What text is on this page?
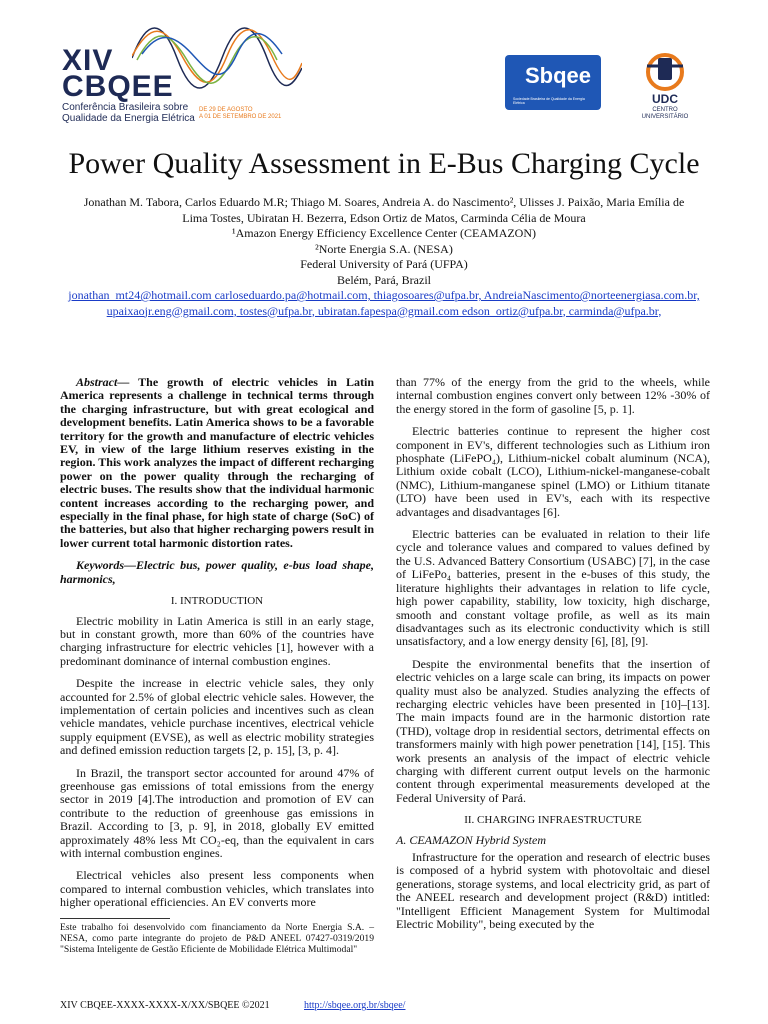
XIV
CBQEE
Conferência Brasileira sobre
Qualidade da Energia Elétrica
DE 29 DE AGOSTO
A 01 DE SETEMBRO DE 2021
Sbqee
Sociedade Brasileira de Qualidade da Energia Elétrica	UDC
CENTRO
UNIVERSITÁRIO
Power Quality Assessment in E-Bus Charging Cycle
Jonathan M. Tabora, Carlos Eduardo M.R; Thiago M. Soares, Andreia A. do Nascimento², Ulisses J. Paixão, Maria Emília de
Lima Tostes, Ubiratan H. Bezerra, Edson Ortiz de Matos, Carminda Célia de Moura
¹Amazon Energy Efficiency Excellence Center (CEAMAZON)
²Norte Energia S.A. (NESA)
Federal University of Pará (UFPA)
Belém, Pará, Brazil
jonathan_mt24@hotmail.com carloseduardo.pa@hotmail.com, thiagosoares@ufpa.br, AndreiaNascimento@norteenergiasa.com.br,
upaixaojr.eng@gmail.com, tostes@ufpa.br, ubiratan.fapespa@gmail.com edson_ortiz@ufpa.br, carminda@ufpa.br,

Abstract— The growth of electric vehicles in Latin America represents a challenge in technical terms through the charging infrastructure, but with great ecological and development benefits. Latin America shows to be a favorable territory for the growth and manufacture of electric vehicles EV, in view of the large lithium reserves existing in the region. This work analyzes the impact of different recharging power on the power quality through the recharging of electric buses. The results show that the individual harmonic content increases according to the recharging power, and especially in the final phase, for high state of charge (SoC) of the batteries, but also that higher recharging powers result in lower current total harmonic distortion rates.

Keywords—Electric bus, power quality, e-bus load shape, harmonics,

I. INTRODUCTION

Electric mobility in Latin America is still in an early stage, but in constant growth, more than 60% of the countries have charging infrastructure for electric vehicles [1], however with a predominant dominance of internal combustion engines.

Despite the increase in electric vehicle sales, they only accounted for 2.5% of global electric vehicle sales. However, the implementation of certain policies and incentives such as clean vehicle mandates, vehicle purchase incentives, electrical vehicle supply equipment (EVSE), as well as electric mobility strategies and defined emission reduction targets [2, p. 15], [3, p. 4].

In Brazil, the transport sector accounted for around 47% of greenhouse gas emissions of total emissions from the energy sector in 2019 [4].The introduction and promotion of EV can contribute to the reduction of greenhouse gas emissions in Brazil. According to [3, p. 9], in 2018, globally EV emitted approximately 48% less Mt CO₂-eq, than the equivalent in cars with internal combustion engines.

Electrical vehicles also present less components when compared to internal combustion vehicles, which translates into higher operational efficiencies. An EV converts more

than 77% of the energy from the grid to the wheels, while internal combustion engines convert only between 12% -30% of the energy stored in the form of gasoline [5, p. 1].

Electric batteries continue to represent the higher cost component in EV's, different technologies such as Lithium iron phosphate (LiFePO₄), Lithium-nickel cobalt aluminum (NCA), Lithium oxide cobalt (LCO), Lithium-nickel-manganese-cobalt (NMC), Lithium-manganese spinel (LMO) or Lithium titanate (LTO) have been used in EV's, each with its respective advantages and disadvantages [6].

Electric batteries can be evaluated in relation to their life cycle and tolerance values and compared to values defined by the U.S. Advanced Battery Consortium (USABC) [7], in the case of LiFePo₄ batteries, present in the e-buses of this study, the literature highlights their advantages in relation to life cycle, high power capability, stability, low toxicity, high discharge, smooth and constant voltage profile, as well as its main disadvantages such as its electronic conductivity which is still unsatisfactory, and a low energy density [6], [8], [9].

Despite the environmental benefits that the insertion of electric vehicles on a large scale can bring, its impacts on power quality must also be analyzed. Studies analyzing the effects of recharging electric vehicles have been presented in [10]–[13]. The main impacts found are in the harmonic distortion rate (THD), voltage drop in residential sectors, detrimental effects on transformers mainly with high power penetration [14], [15]. This work presents an analysis of the impact of electric vehicle charging with different current output levels on the harmonic content through experimental measurements developed at the Federal University of Pará.

II. CHARGING INFRAESTRUCTURE
A. CEAMAZON Hybrid System

Infrastructure for the operation and research of electric buses is composed of a hybrid system with photovoltaic and diesel generations, storage systems, and local electricity grid, as part of the ANEEL research and development project (R&D) intitled: "Intelligent Efficient Management System for Multimodal Electric Mobility", being executed by the

Este trabalho foi desenvolvido com financiamento da Norte Energia S.A. – NESA, como parte integrante do projeto de P&D ANEEL 07427-0319/2019 "Sistema Inteligente de Gestão Eficiente de Mobilidade Elétrica Multimodal"
XIV CBQEE-XXXX-XXXX-X/XX/SBQEE ©2021	http://sbqee.org.br/sbqee/
